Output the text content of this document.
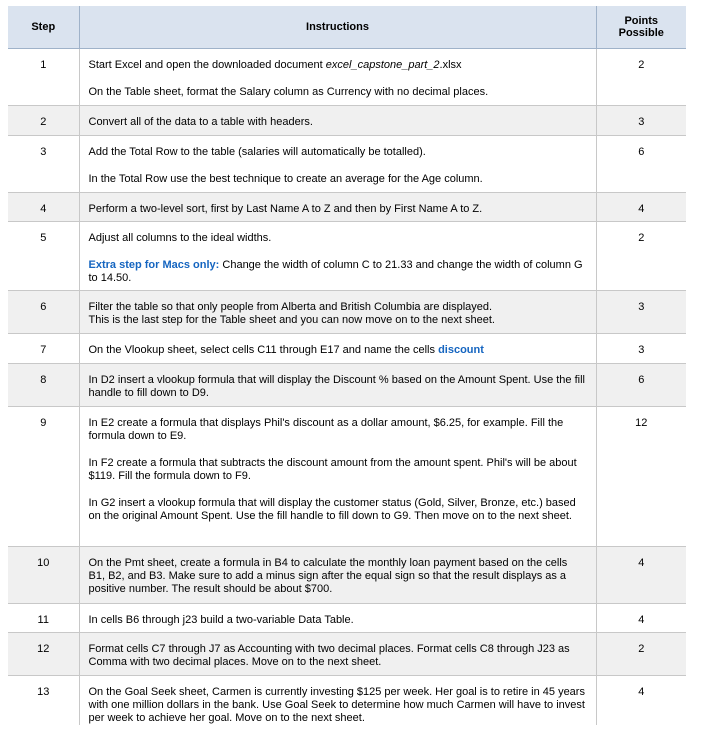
Step	Instructions	Points Possible

1	Start Excel and open the downloaded document excel_capstone_part_2.xlsx

On the Table sheet, format the Salary column as Currency with no decimal places.	2

2	Convert all of the data to a table with headers.	3

3	Add the Total Row to the table (salaries will automatically be totalled).

In the Total Row use the best technique to create an average for the Age column.	6

4	Perform a two-level sort, first by Last Name A to Z and then by First Name A to Z.	4

5	Adjust all columns to the ideal widths.

Extra step for Macs only: Change the width of column C to 21.33 and change the width of column G to 14.50.	2

6	Filter the table so that only people from Alberta and British Columbia are displayed.
This is the last step for the Table sheet and you can now move on to the next sheet.	3

7	On the Vlookup sheet, select cells C11 through E17 and name the cells discount	3

8	In D2 insert a vlookup formula that will display the Discount % based on the Amount Spent. Use the fill handle to fill down to D9.	6

9	In E2 create a formula that displays Phil's discount as a dollar amount, $6.25, for example. Fill the formula down to E9.

In F2 create a formula that subtracts the discount amount from the amount spent. Phil's will be about $119. Fill the formula down to F9.

In G2 insert a vlookup formula that will display the customer status (Gold, Silver, Bronze, etc.) based on the original Amount Spent. Use the fill handle to fill down to G9. Then move on to the next sheet.	12

10	On the Pmt sheet, create a formula in B4 to calculate the monthly loan payment based on the cells B1, B2, and B3. Make sure to add a minus sign after the equal sign so that the result displays as a positive number. The result should be about $700.	4

11	In cells B6 through j23 build a two-variable Data Table.	4

12	Format cells C7 through J7 as Accounting with two decimal places. Format cells C8 through J23 as Comma with two decimal places. Move on to the next sheet.	2

13	On the Goal Seek sheet, Carmen is currently investing $125 per week. Her goal is to retire in 45 years with one million dollars in the bank. Use Goal Seek to determine how much Carmen will have to invest per week to achieve her goal. Move on to the next sheet.	4
